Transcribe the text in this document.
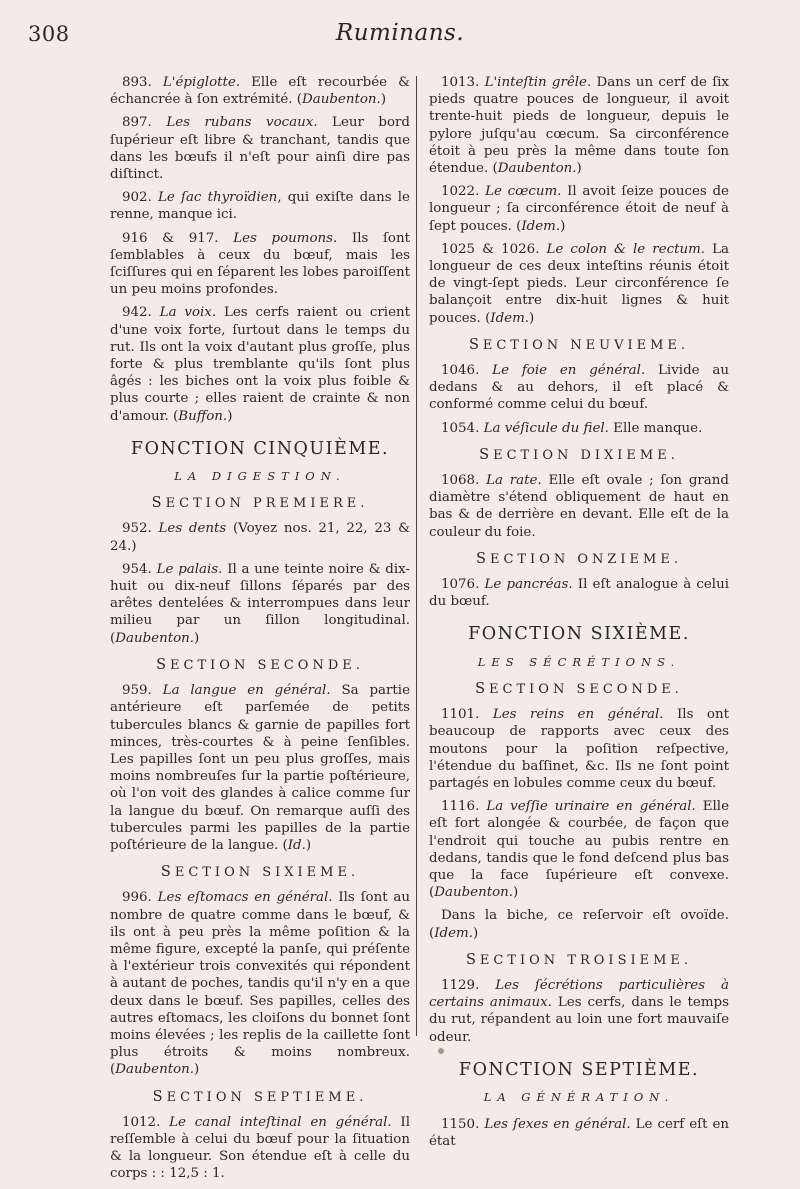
308	Ruminans.

893. L'épiglotte. Elle eſt recourbée & échancrée à ſon extrémité. (Daubenton.)

897. Les rubans vocaux. Leur bord ſupérieur eſt libre & tranchant, tandis que dans les bœufs il n'eſt pour ainſi dire pas diſtinct.

902. Le ſac thyroïdien, qui exiſte dans le renne, manque ici.

916 & 917. Les poumons. Ils ſont ſemblables à ceux du bœuf, mais les ſciſſures qui en ſéparent les lobes paroiſſent un peu moins profondes.

942. La voix. Les cerfs raient ou crient d'une voix forte, ſurtout dans le temps du rut. Ils ont la voix d'autant plus groſſe, plus forte & plus tremblante qu'ils ſont plus âgés : les biches ont la voix plus foible & plus courte ; elles raient de crainte & non d'amour. (Buffon.)

FONCTION CINQUIÈME.
LA DIGESTION.
SECTION PREMIERE.

952. Les dents (Voyez nos. 21, 22, 23 & 24.)

954. Le palais. Il a une teinte noire & dix-huit ou dix-neuf ſillons ſéparés par des arêtes dentelées & interrompues dans leur milieu par un ſillon longitudinal. (Daubenton.)

SECTION SECONDE.

959. La langue en général. Sa partie antérieure eſt parſemée de petits tubercules blancs & garnie de papilles fort minces, très-courtes & à peine ſenſibles. Les papilles ſont un peu plus groſſes, mais moins nombreuſes ſur la partie poſtérieure, où l'on voit des glandes à calice comme ſur la langue du bœuf. On remarque auſſi des tubercules parmi les papilles de la partie poſtérieure de la langue. (Id.)

SECTION SIXIEME.

996. Les eſtomacs en général. Ils ſont au nombre de quatre comme dans le bœuf, & ils ont à peu près la même poſition & la même figure, excepté la panſe, qui préſente à l'extérieur trois convexités qui répondent à autant de poches, tandis qu'il n'y en a que deux dans le bœuf. Ses papilles, celles des autres eſtomacs, les cloiſons du bonnet ſont moins élevées ; les replis de la caillette ſont plus étroits & moins nombreux. (Daubenton.)

SECTION SEPTIEME.

1012. Le canal inteſtinal en général. Il reſſemble à celui du bœuf pour la ſituation & la longueur. Son étendue eſt à celle du corps : : 12,5 : 1.

1013. L'inteſtin grêle. Dans un cerf de ſix pieds quatre pouces de longueur, il avoit trente-huit pieds de longueur, depuis le pylore juſqu'au cœcum. Sa circonférence étoit à peu près la même dans toute ſon étendue. (Daubenton.)

1022. Le cœcum. Il avoit ſeize pouces de longueur ; ſa circonférence étoit de neuf à ſept pouces. (Idem.)

1025 & 1026. Le colon & le rectum. La longueur de ces deux inteſtins réunis étoit de vingt-ſept pieds. Leur circonférence ſe balançoit entre dix-huit lignes & huit pouces. (Idem.)

SECTION NEUVIEME.

1046. Le foie en général. Livide au dedans & au dehors, il eſt placé & conformé comme celui du bœuf.

1054. La véſicule du fiel. Elle manque.

SECTION DIXIEME.

1068. La rate. Elle eſt ovale ; ſon grand diamètre s'étend obliquement de haut en bas & de derrière en devant. Elle eſt de la couleur du foie.

SECTION ONZIEME.

1076. Le pancréas. Il eſt analogue à celui du bœuf.

FONCTION SIXIÈME.
LES SÉCRÉTIONS.
SECTION SECONDE.

1101. Les reins en général. Ils ont beaucoup de rapports avec ceux des moutons pour la poſition reſpective, l'étendue du baſſinet, &c. Ils ne ſont point partagés en lobules comme ceux du bœuf.

1116. La veſſie urinaire en général. Elle eſt fort alongée & courbée, de façon que l'endroit qui touche au pubis rentre en dedans, tandis que le fond deſcend plus bas que la face ſupérieure eſt convexe. (Daubenton.)

Dans la biche, ce reſervoir eſt ovoïde. (Idem.)

SECTION TROISIEME.

1129. Les ſécrétions particulières à certains animaux. Les cerfs, dans le temps du rut, répandent au loin une fort mauvaiſe odeur.

FONCTION SEPTIÈME.
LA GÉNÉRATION.

1150. Les ſexes en général. Le cerf eſt en état
